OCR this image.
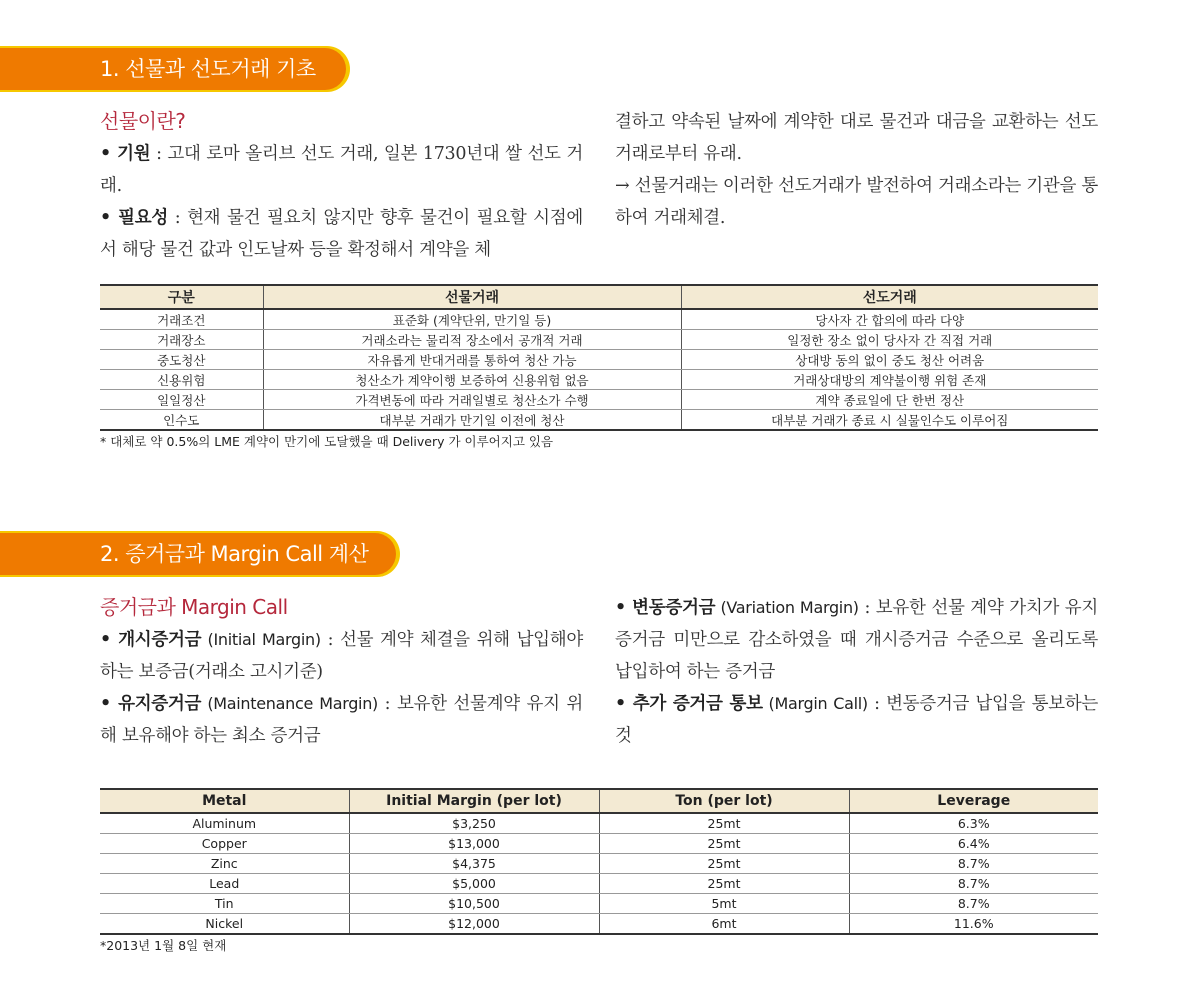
1. 선물과 선도거래 기초
선물이란?
• 기원 : 고대 로마 올리브 선도 거래, 일본 1730년대 쌀 선도 거래.
• 필요성 : 현재 물건 필요치 않지만 향후 물건이 필요할 시점에서 해당 물건 값과 인도날짜 등을 확정해서 계약을 체
결하고 약속된 날짜에 계약한 대로 물건과 대금을 교환하는 선도거래로부터 유래.
→ 선물거래는 이러한 선도거래가 발전하여 거래소라는 기관을 통하여 거래체결.
구분	선물거래	선도거래
거래조건	표준화 (계약단위, 만기일 등)	당사자 간 합의에 따라 다양
거래장소	거래소라는 물리적 장소에서 공개적 거래	일정한 장소 없이 당사자 간 직접 거래
중도청산	자유롭게 반대거래를 통하여 청산 가능	상대방 동의 없이 중도 청산 어려움
신용위험	청산소가 계약이행 보증하여 신용위험 없음	거래상대방의 계약불이행 위험 존재
일일정산	가격변동에 따라 거래일별로 청산소가 수행	계약 종료일에 단 한번 정산
인수도	대부분 거래가 만기일 이전에 청산	대부분 거래가 종료 시 실물인수도 이루어짐
* 대체로 약 0.5%의 LME 계약이 만기에 도달했을 때 Delivery 가 이루어지고 있음
2. 증거금과 Margin Call 계산
증거금과 Margin Call
• 개시증거금 (Initial Margin) : 선물 계약 체결을 위해 납입해야 하는 보증금(거래소 고시기준)
• 유지증거금 (Maintenance Margin) : 보유한 선물계약 유지 위해 보유해야 하는 최소 증거금
• 변동증거금 (Variation Margin) : 보유한 선물 계약 가치가 유지 증거금 미만으로 감소하였을 때 개시증거금 수준으로 올리도록 납입하여 하는 증거금
• 추가 증거금 통보 (Margin Call) : 변동증거금 납입을 통보하는 것
Metal	Initial Margin (per lot)	Ton (per lot)	Leverage
Aluminum	$3,250	25mt	6.3%
Copper	$13,000	25mt	6.4%
Zinc	$4,375	25mt	8.7%
Lead	$5,000	25mt	8.7%
Tin	$10,500	5mt	8.7%
Nickel	$12,000	6mt	11.6%
*2013년 1월 8일 현재
